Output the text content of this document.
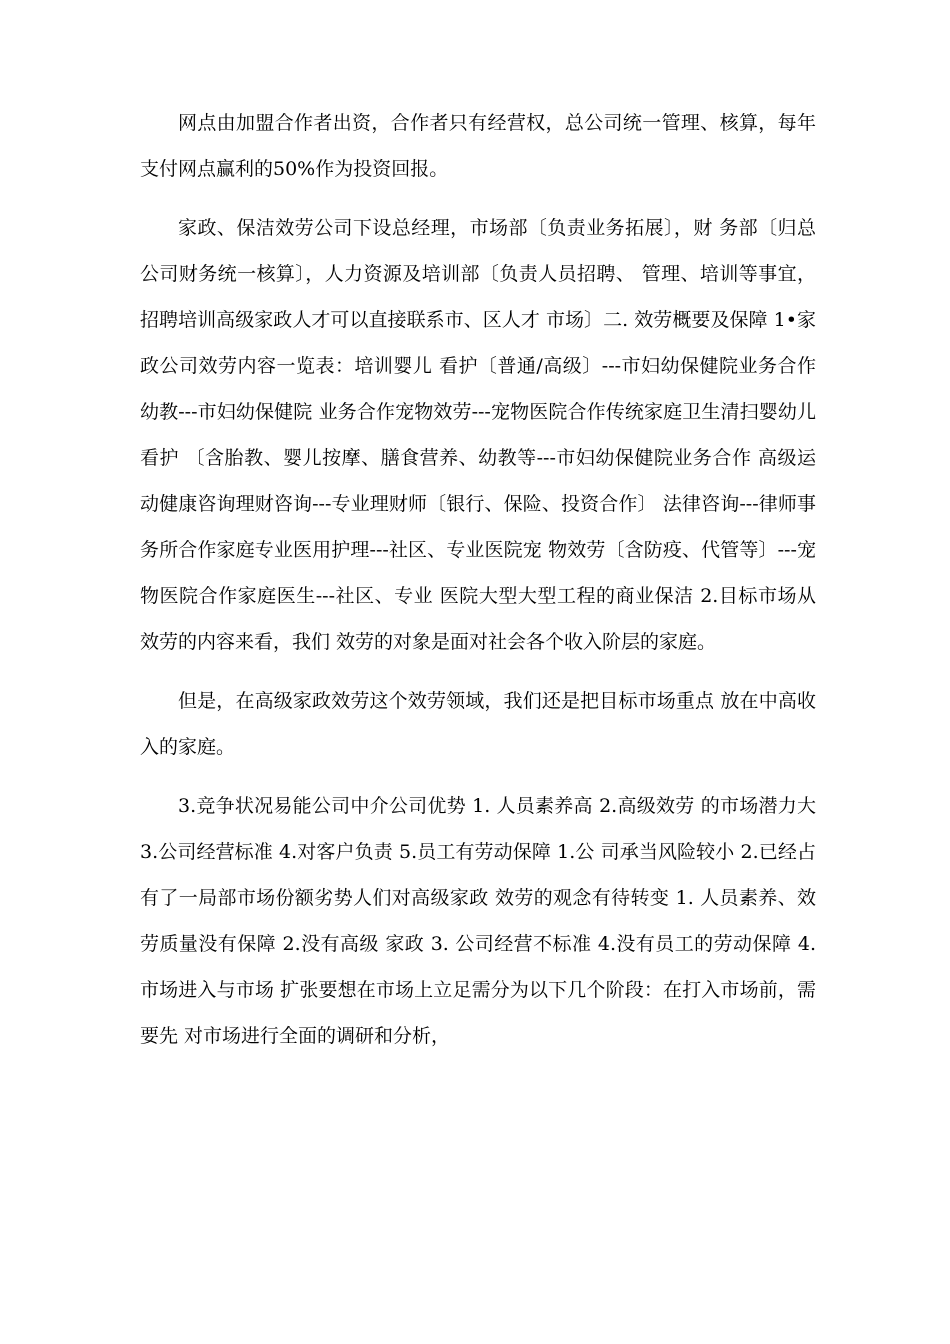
网点由加盟合作者出资，合作者只有经营权，总公司统一管理、核算，每年支付网点赢利的50%作为投资回报。

家政、保洁效劳公司下设总经理，市场部〔负责业务拓展〕，财 务部〔归总公司财务统一核算〕，人力资源及培训部〔负责人员招聘、 管理、培训等事宜，招聘培训高级家政人才可以直接联系市、区人才 市场〕二. 效劳概要及保障 1•家政公司效劳内容一览表：培训婴儿 看护〔普通/高级〕---市妇幼保健院业务合作幼教---市妇幼保健院 业务合作宠物效劳---宠物医院合作传统家庭卫生清扫婴幼儿看护 〔含胎教、婴儿按摩、膳食营养、幼教等---市妇幼保健院业务合作 高级运动健康咨询理财咨询---专业理财师〔银行、保险、投资合作〕 法律咨询---律师事务所合作家庭专业医用护理---社区、专业医院宠 物效劳〔含防疫、代管等〕---宠物医院合作家庭医生---社区、专业 医院大型大型工程的商业保洁 2.目标市场从效劳的内容来看，我们 效劳的对象是面对社会各个收入阶层的家庭。

但是，在高级家政效劳这个效劳领域，我们还是把目标市场重点 放在中高收入的家庭。

3.竞争状况易能公司中介公司优势 1. 人员素养高 2.高级效劳 的市场潜力大 3.公司经营标准 4.对客户负责 5.员工有劳动保障 1.公 司承当风险较小 2.已经占有了一局部市场份额劣势人们对高级家政 效劳的观念有待转变 1. 人员素养、效劳质量没有保障 2.没有高级 家政 3. 公司经营不标准 4.没有员工的劳动保障 4. 市场进入与市场 扩张要想在市场上立足需分为以下几个阶段：在打入市场前，需要先 对市场进行全面的调研和分析，
